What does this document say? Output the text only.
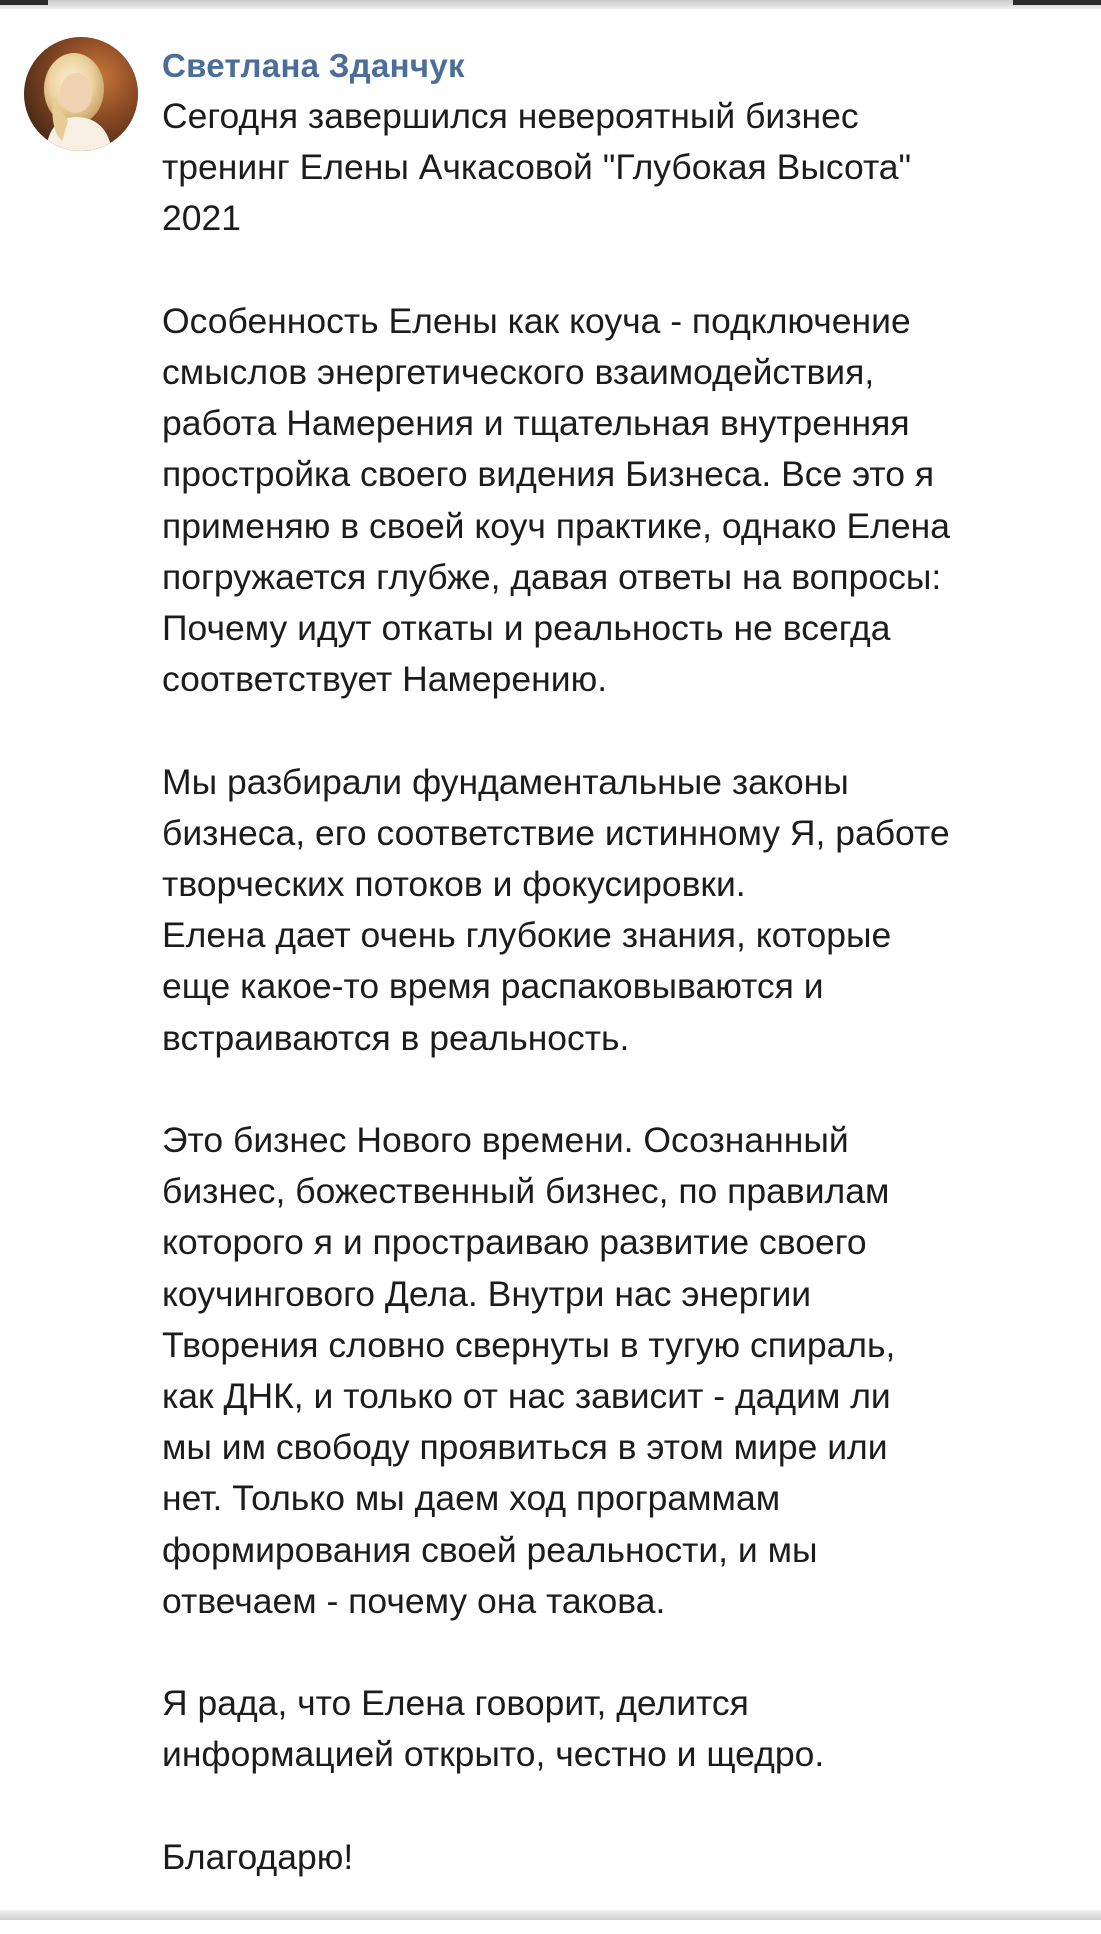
Светлана Зданчук
Сегодня завершился невероятный бизнес
тренинг Елены Ачкасовой "Глубокая Высота"
2021
Особенность Елены как коуча - подключение
смыслов энергетического взаимодействия,
работа Намерения и тщательная внутренняя
простройка своего видения Бизнеса. Все это я
применяю в своей коуч практике, однако Елена
погружается глубже, давая ответы на вопросы:
Почему идут откаты и реальность не всегда
соответствует Намерению.
Мы разбирали фундаментальные законы
бизнеса, его соответствие истинному Я, работе
творческих потоков и фокусировки.
Елена дает очень глубокие знания, которые
еще какое-то время распаковываются и
встраиваются в реальность.
Это бизнес Нового времени. Осознанный
бизнес, божественный бизнес, по правилам
которого я и простраиваю развитие своего
коучингового Дела. Внутри нас энергии
Творения словно свернуты в тугую спираль,
как ДНК, и только от нас зависит - дадим ли
мы им свободу проявиться в этом мире или
нет. Только мы даем ход программам
формирования своей реальности, и мы
отвечаем - почему она такова.
Я рада, что Елена говорит, делится
информацией открыто, честно и щедро.
Благодарю!
